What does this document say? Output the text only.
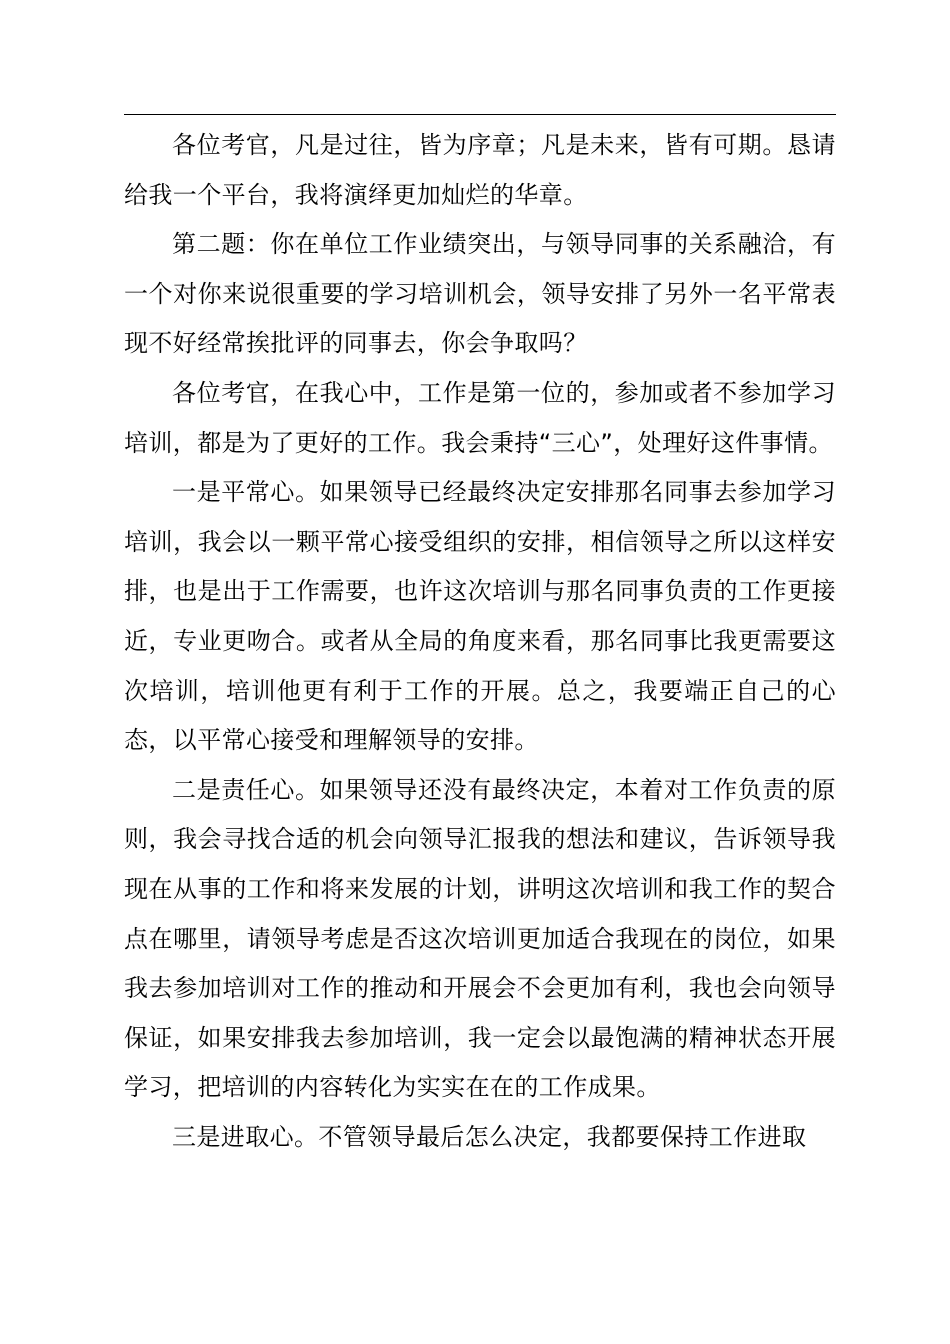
各位考官，凡是过往，皆为序章；凡是未来，皆有可期。恳请给我一个平台，我将演绎更加灿烂的华章。

第二题：你在单位工作业绩突出，与领导同事的关系融洽，有一个对你来说很重要的学习培训机会，领导安排了另外一名平常表现不好经常挨批评的同事去，你会争取吗？

各位考官，在我心中，工作是第一位的，参加或者不参加学习培训，都是为了更好的工作。我会秉持“三心”，处理好这件事情。

一是平常心。如果领导已经最终决定安排那名同事去参加学习培训，我会以一颗平常心接受组织的安排，相信领导之所以这样安排，也是出于工作需要，也许这次培训与那名同事负责的工作更接近，专业更吻合。或者从全局的角度来看，那名同事比我更需要这次培训，培训他更有利于工作的开展。总之，我要端正自己的心态，以平常心接受和理解领导的安排。

二是责任心。如果领导还没有最终决定，本着对工作负责的原则，我会寻找合适的机会向领导汇报我的想法和建议，告诉领导我现在从事的工作和将来发展的计划，讲明这次培训和我工作的契合点在哪里，请领导考虑是否这次培训更加适合我现在的岗位，如果我去参加培训对工作的推动和开展会不会更加有利，我也会向领导保证，如果安排我去参加培训，我一定会以最饱满的精神状态开展学习，把培训的内容转化为实实在在的工作成果。

三是进取心。不管领导最后怎么决定，我都要保持工作进取
